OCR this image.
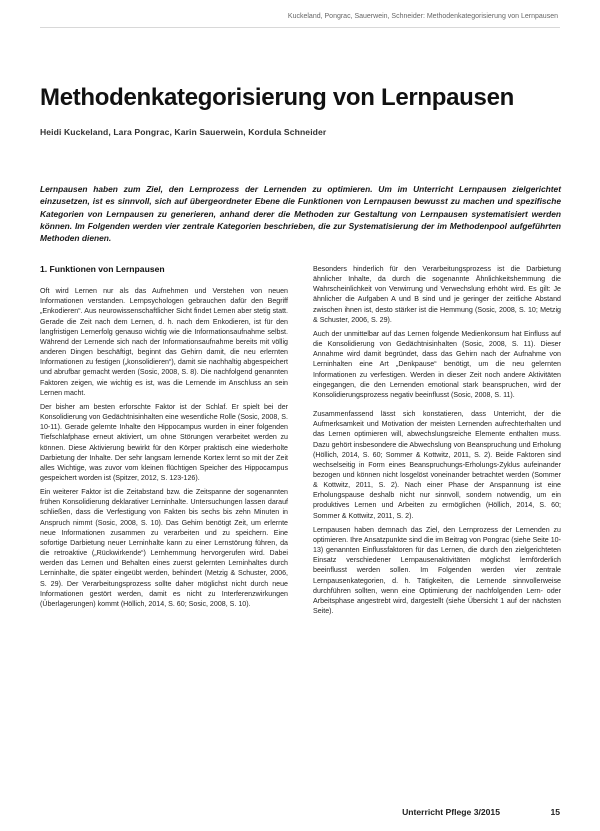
Kuckeland, Pongrac, Sauerwein, Schneider: Methodenkategorisierung von Lernpausen
Methodenkategorisierung von Lernpausen
Heidi Kuckeland, Lara Pongrac, Karin Sauerwein, Kordula Schneider

Lernpausen haben zum Ziel, den Lernprozess der Lernenden zu optimieren. Um im Unterricht Lernpausen zielgerichtet einzusetzen, ist es sinnvoll, sich auf übergeordneter Ebene die Funktionen von Lernpausen bewusst zu machen und spezifische Kategorien von Lernpausen zu generieren, anhand derer die Methoden zur Gestaltung von Lernpausen systematisiert werden können. Im Folgenden werden vier zentrale Kategorien beschrieben, die zur Systematisierung der im Methodenpool aufgeführten Methoden dienen.

1. Funktionen von Lernpausen

Oft wird Lernen nur als das Aufnehmen und Verstehen von neuen Informationen verstanden. Lernpsychologen gebrauchen dafür den Begriff „Enkodieren“. Aus neurowissenschaftlicher Sicht findet Lernen aber stetig statt. Gerade die Zeit nach dem Lernen, d. h. nach dem Enkodieren, ist für den langfristigen Lernerfolg genauso wichtig wie die Informationsaufnahme selbst. Während der Lernende sich nach der Informationsaufnahme bereits mit völlig anderen Dingen beschäftigt, beginnt das Gehirn damit, die neu erlernten Informationen zu festigen („konsolidieren“), damit sie nachhaltig abgespeichert und abrufbar gemacht werden (Sosic, 2008, S. 8). Die nachfolgend genannten Faktoren zeigen, wie wichtig es ist, was die Lernende im Anschluss an sein Lernen macht.

Der bisher am besten erforschte Faktor ist der Schlaf. Er spielt bei der Konsolidierung von Gedächtnisinhalten eine wesentliche Rolle (Sosic, 2008, S. 10-11). Gerade gelernte Inhalte den Hippocampus wurden in einer folgenden Tiefschlafphase erneut aktiviert, um ohne Störungen verarbeitet werden zu können. Diese Aktivierung bewirkt für den Körper praktisch eine wiederholte Darbietung der Inhalte. Der sehr langsam lernende Kortex lernt so mit der Zeit alles Wichtige, was zuvor vom kleinen flüchtigen Speicher des Hippocampus gespeichert worden ist (Spitzer, 2012, S. 123-126).

Ein weiterer Faktor ist die Zeitabstand bzw. die Zeitspanne der sogenannten frühen Konsolidierung deklarativer Lerninhalte. Untersuchungen lassen darauf schließen, dass die Verfestigung von Fakten bis sechs bis zehn Minuten in Anspruch nimmt (Sosic, 2008, S. 10). Das Gehirn benötigt Zeit, um erlernte neue Informationen zusammen zu verarbeiten und zu speichern. Eine sofortige Darbietung neuer Lerninhalte kann zu einer Lernstörung führen, da die retroaktive („Rückwirkende“) Lernhemmung hervorgerufen wird. Dabei werden das Lernen und Behalten eines zuerst gelernten Lerninhaltes durch Lerninhalte, die später eingeübt werden, behindert (Metzig & Schuster, 2006, S. 29). Der Verarbeitungsprozess sollte daher möglichst nicht durch neue Informationen gestört werden, damit es nicht zu Interferenzwirkungen (Überlagerungen) kommt (Höllich, 2014, S. 60; Sosic, 2008, S. 10).

Besonders hinderlich für den Verarbeitungsprozess ist die Darbietung ähnlicher Inhalte, da durch die sogenannte Ähnlichkeitshemmung die Wahrscheinlichkeit von Verwirrung und Verwechslung erhöht wird. Es gilt: Je ähnlicher die Aufgaben A und B sind und je geringer der zeitliche Abstand zwischen ihnen ist, desto stärker ist die Hemmung (Sosic, 2008, S. 10; Metzig & Schuster, 2006, S. 29).

Auch der unmittelbar auf das Lernen folgende Medienkonsum hat Einfluss auf die Konsolidierung von Gedächtnisinhalten (Sosic, 2008, S. 11). Dieser Annahme wird damit begründet, dass das Gehirn nach der Aufnahme von Lerninhalten eine Art „Denkpause“ benötigt, um die neu gelernten Informationen zu verfestigen. Werden in dieser Zeit noch andere Aktivitäten eingegangen, die den Lernenden emotional stark beanspruchen, wird der Konsolidierungsprozess negativ beeinflusst (Sosic, 2008, S. 11).

Zusammenfassend lässt sich konstatieren, dass Unterricht, der die Aufmerksamkeit und Motivation der meisten Lernenden aufrechterhalten und das Lernen optimieren will, abwechslungsreiche Elemente enthalten muss. Dazu gehört insbesondere die Abwechslung von Beanspruchung und Erholung (Höllich, 2014, S. 60; Sommer & Kottwitz, 2011, S. 2). Beide Faktoren sind wechselseitig in Form eines Beanspruchungs-Erholungs-Zyklus aufeinander bezogen und können nicht losgelöst voneinander betrachtet werden (Sommer & Kottwitz, 2011, S. 2). Nach einer Phase der Anspannung ist eine Erholungspause deshalb nicht nur sinnvoll, sondern notwendig, um ein produktives Lernen und Arbeiten zu ermöglichen (Höllich, 2014, S. 60; Sommer & Kottwitz, 2011, S. 2).

Lernpausen haben demnach das Ziel, den Lernprozess der Lernenden zu optimieren. Ihre Ansatzpunkte sind die im Beitrag von Pongrac (siehe Seite 10-13) genannten Einflussfaktoren für das Lernen, die durch den zielgerichteten Einsatz verschiedener Lernpausenaktivitäten möglichst lernförderlich beeinflusst werden sollen. Im Folgenden werden vier zentrale Lernpausenkategorien, d. h. Tätigkeiten, die Lernende sinnvollerweise durchführen sollten, wenn eine Optimierung der nachfolgenden Lern- oder Arbeitsphase angestrebt wird, dargestellt (siehe Übersicht 1 auf der nächsten Seite).

Unterricht Pflege 3/2015	15
